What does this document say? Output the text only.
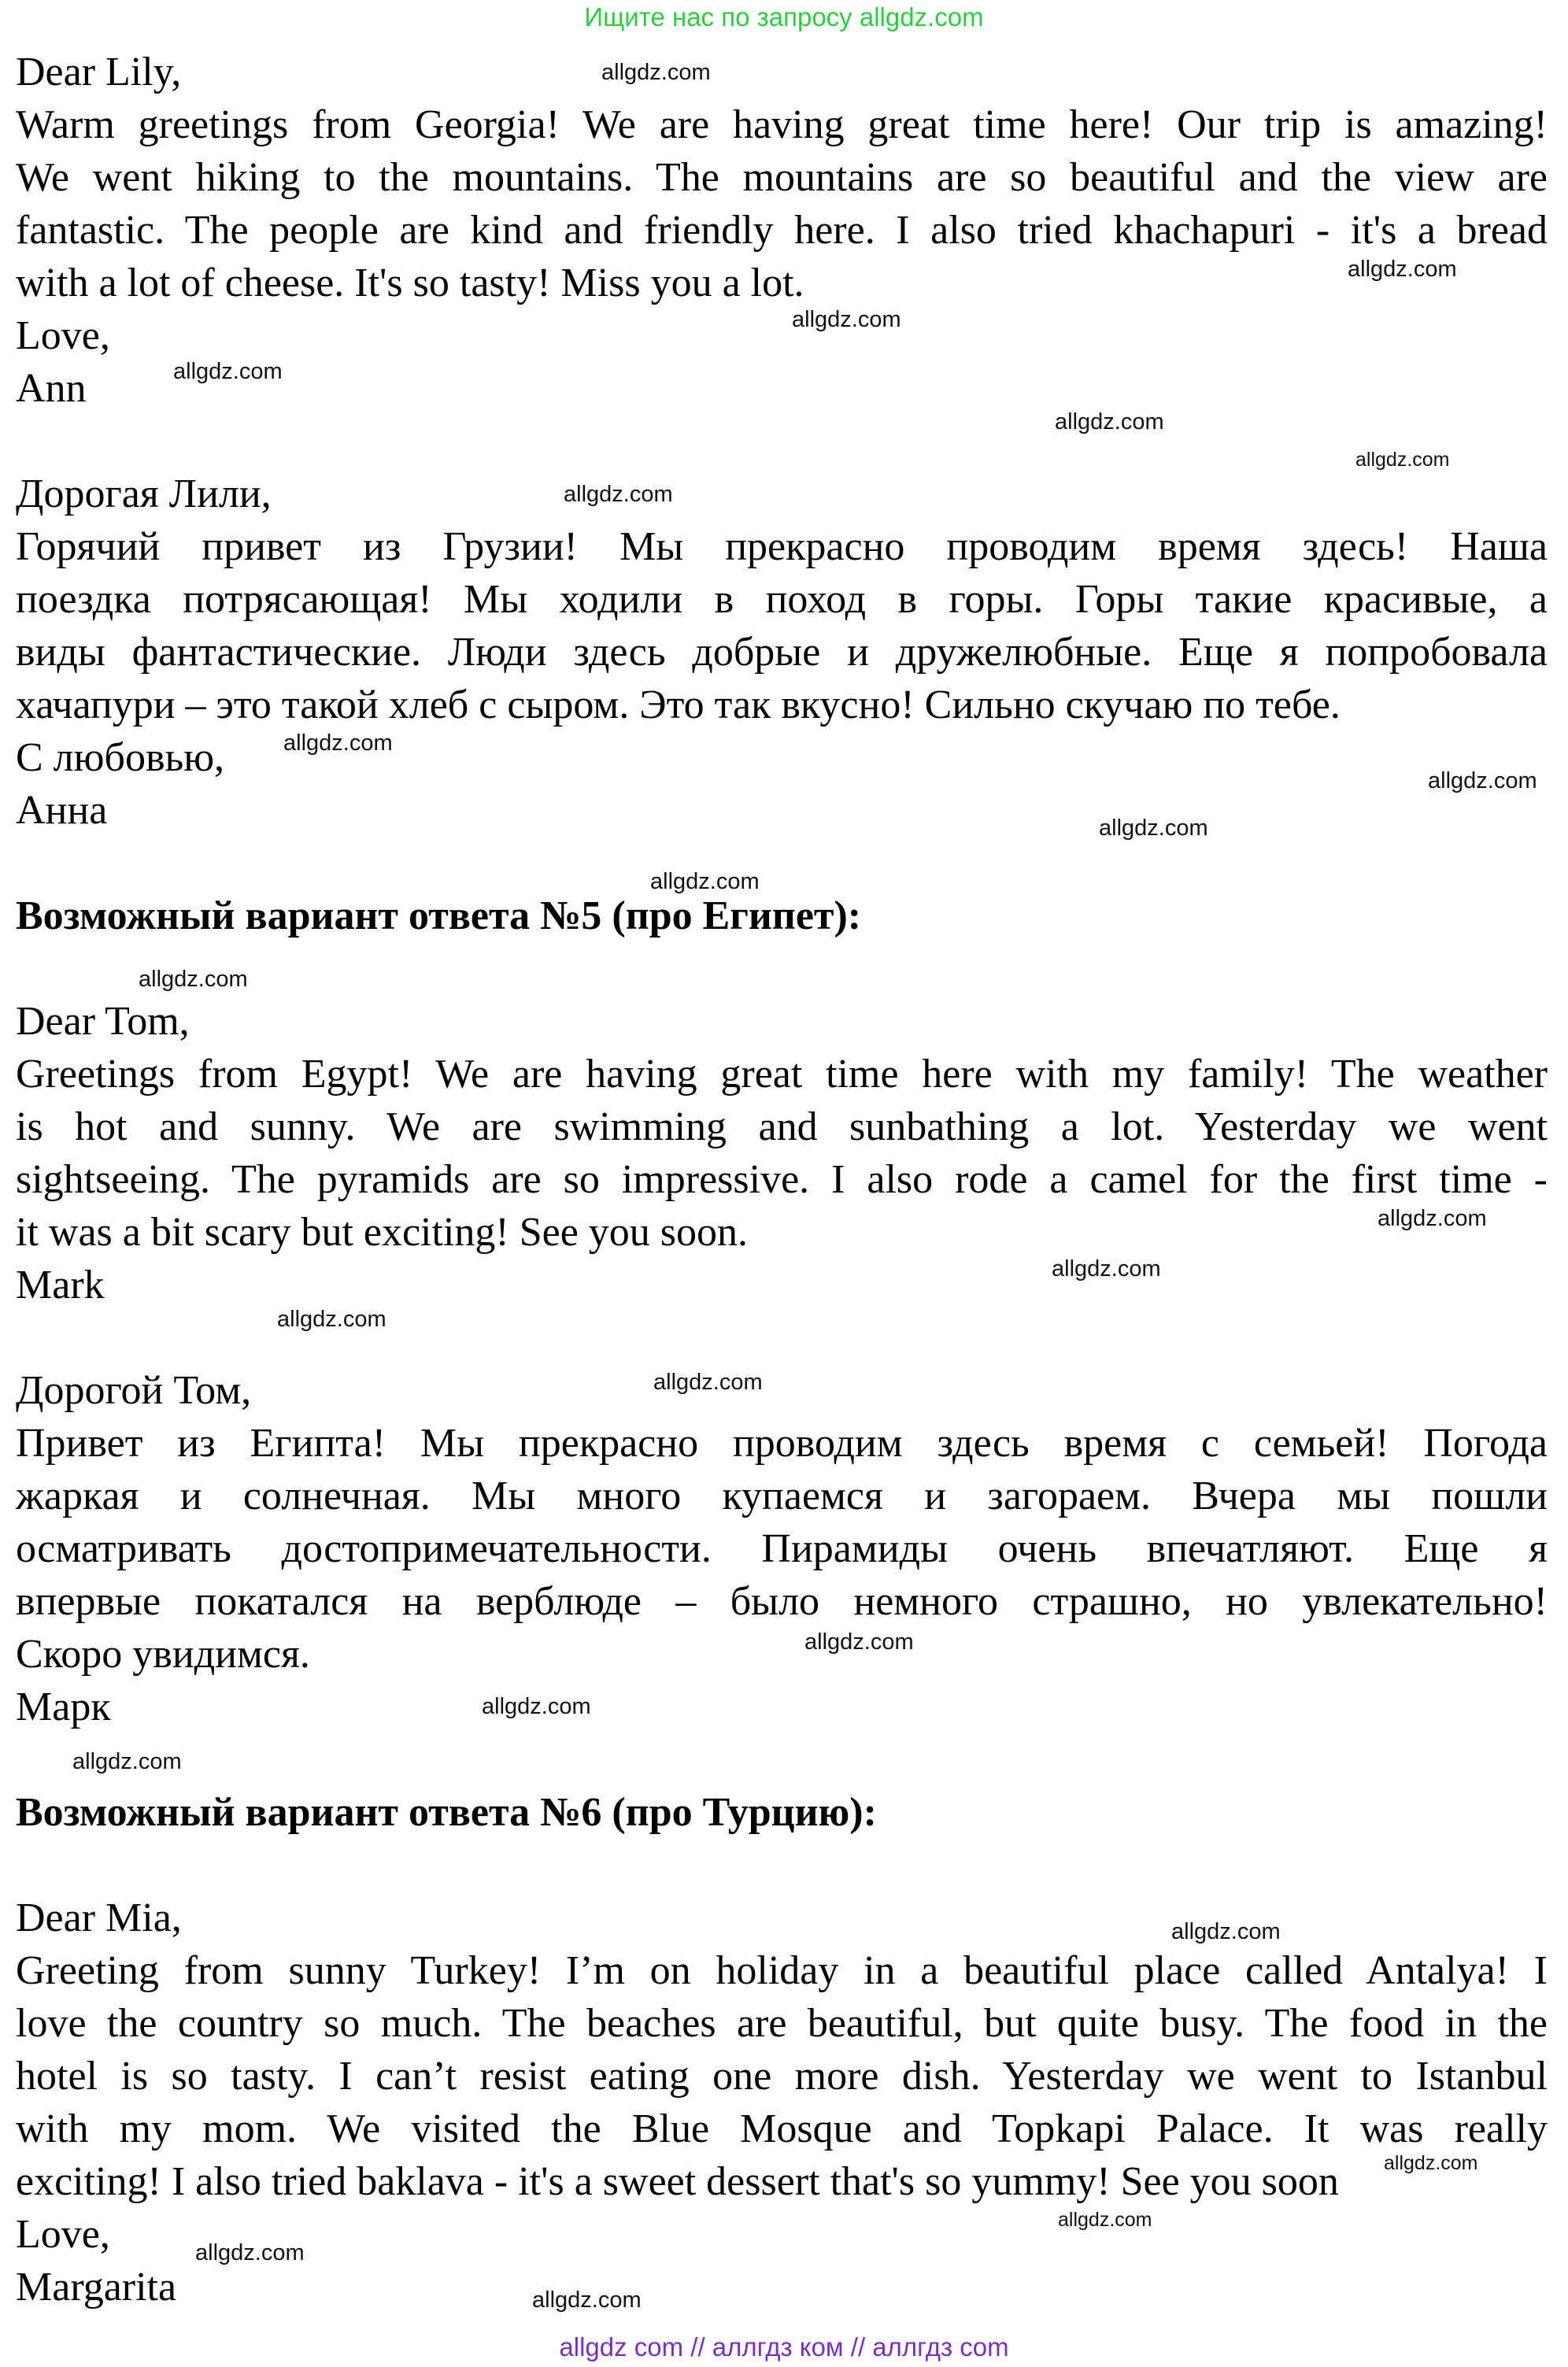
Ищите нас по запросу allgdz.com
Dear Lily,
Warm greetings from Georgia! We are having great time here! Our trip is amazing!
We went hiking to the mountains. The mountains are so beautiful and the view are
fantastic. The people are kind and friendly here. I also tried khachapuri - it's a bread
with a lot of cheese. It's so tasty! Miss you a lot.
Love,
Ann
Дорогая Лили,
Горячий привет из Грузии! Мы прекрасно проводим время здесь! Наша
поездка потрясающая! Мы ходили в поход в горы. Горы такие красивые, а
виды фантастические. Люди здесь добрые и дружелюбные. Еще я попробовала
хачапури – это такой хлеб с сыром. Это так вкусно! Сильно скучаю по тебе.
С любовью,
Анна
Возможный вариант ответа №5 (про Египет):
Dear Tom,
Greetings from Egypt! We are having great time here with my family! The weather
is hot and sunny. We are swimming and sunbathing a lot. Yesterday we went
sightseeing. The pyramids are so impressive. I also rode a camel for the first time -
it was a bit scary but exciting! See you soon.
Mark
Дорогой Том,
Привет из Египта! Мы прекрасно проводим здесь время с семьей! Погода
жаркая и солнечная. Мы много купаемся и загораем. Вчера мы пошли
осматривать достопримечательности. Пирамиды очень впечатляют. Еще я
впервые покатался на верблюде – было немного страшно, но увлекательно!
Скоро увидимся.
Марк
Возможный вариант ответа №6 (про Турцию):
Dear Mia,
Greeting from sunny Turkey! I’m on holiday in a beautiful place called Antalya! I
love the country so much. The beaches are beautiful, but quite busy. The food in the
hotel is so tasty. I can’t resist eating one more dish. Yesterday we went to Istanbul
with my mom. We visited the Blue Mosque and Topkapi Palace. It was really
exciting! I also tried baklava - it's a sweet dessert that's so yummy! See you soon
Love,
Margarita
allgdz.com
allgdz.com
allgdz.com
allgdz.com
allgdz.com
allgdz.com
allgdz.com
allgdz.com
allgdz.com
allgdz.com
allgdz.com
allgdz.com
allgdz.com
allgdz.com
allgdz.com
allgdz.com
allgdz.com
allgdz.com
allgdz.com
allgdz.com
allgdz.com
allgdz.com
allgdz.com
allgdz.com
allgdz com // аллгдз ком // аллгдз com
